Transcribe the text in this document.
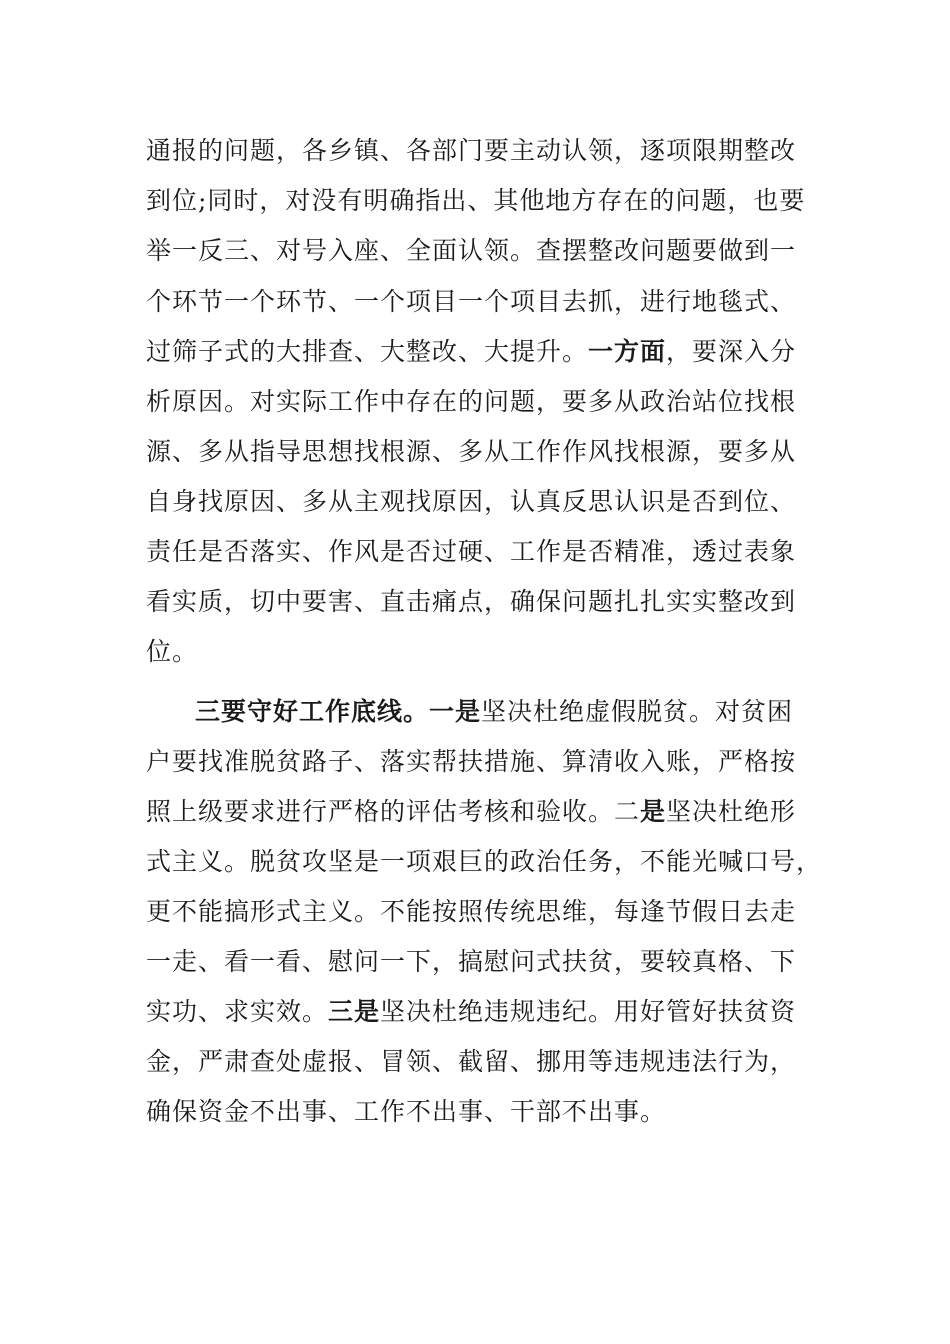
通报的问题，各乡镇、各部门要主动认领，逐项限期整改
到位;同时，对没有明确指出、其他地方存在的问题，也要
举一反三、对号入座、全面认领。查摆整改问题要做到一
个环节一个环节、一个项目一个项目去抓，进行地毯式、
过筛子式的大排查、大整改、大提升。一方面，要深入分
析原因。对实际工作中存在的问题，要多从政治站位找根
源、多从指导思想找根源、多从工作作风找根源，要多从
自身找原因、多从主观找原因，认真反思认识是否到位、
责任是否落实、作风是否过硬、工作是否精准，透过表象
看实质，切中要害、直击痛点，确保问题扎扎实实整改到
位。
三要守好工作底线。一是坚决杜绝虚假脱贫。对贫困
户要找准脱贫路子、落实帮扶措施、算清收入账，严格按
照上级要求进行严格的评估考核和验收。二是坚决杜绝形
式主义。脱贫攻坚是一项艰巨的政治任务，不能光喊口号，
更不能搞形式主义。不能按照传统思维，每逢节假日去走
一走、看一看、慰问一下，搞慰问式扶贫，要较真格、下
实功、求实效。三是坚决杜绝违规违纪。用好管好扶贫资
金，严肃查处虚报、冒领、截留、挪用等违规违法行为，
确保资金不出事、工作不出事、干部不出事。
